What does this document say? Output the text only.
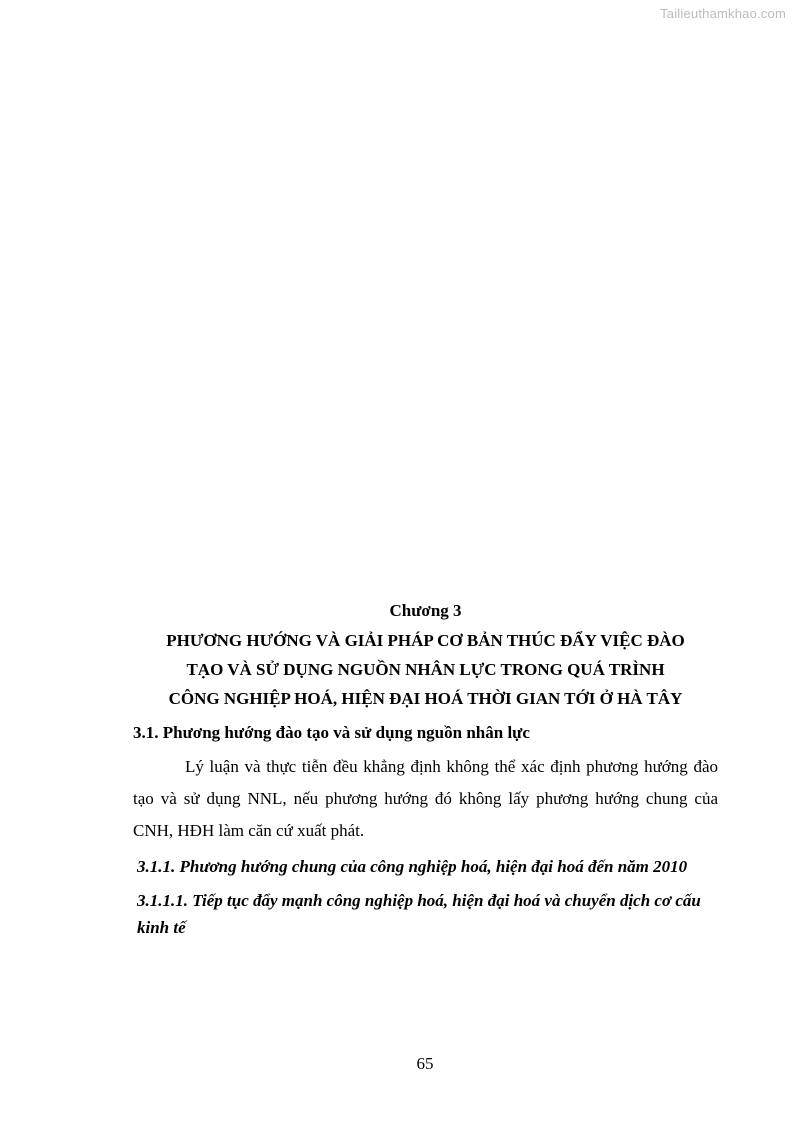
Tailieuthamkhao.com

Chương 3

PHƯƠNG HƯỚNG VÀ GIẢI PHÁP CƠ BẢN THÚC ĐẨY VIỆC ĐÀO
TẠO VÀ SỬ DỤNG NGUỒN NHÂN LỰC TRONG QUÁ TRÌNH
CÔNG NGHIỆP HOÁ, HIỆN ĐẠI HOÁ THỜI GIAN TỚI Ở HÀ TÂY
3.1. Phương hướng đào tạo và sử dụng nguồn nhân lực

Lý luận và thực tiễn đều khẳng định không thể xác định phương hướng đào tạo và sử dụng NNL, nếu phương hướng đó không lấy phương hướng chung của CNH, HĐH làm căn cứ xuất phát.

3.1.1. Phương hướng chung của công nghiệp hoá, hiện đại hoá đến năm 2010
3.1.1.1. Tiếp tục đẩy mạnh công nghiệp hoá, hiện đại hoá và chuyển dịch cơ cấu kinh tế
65
